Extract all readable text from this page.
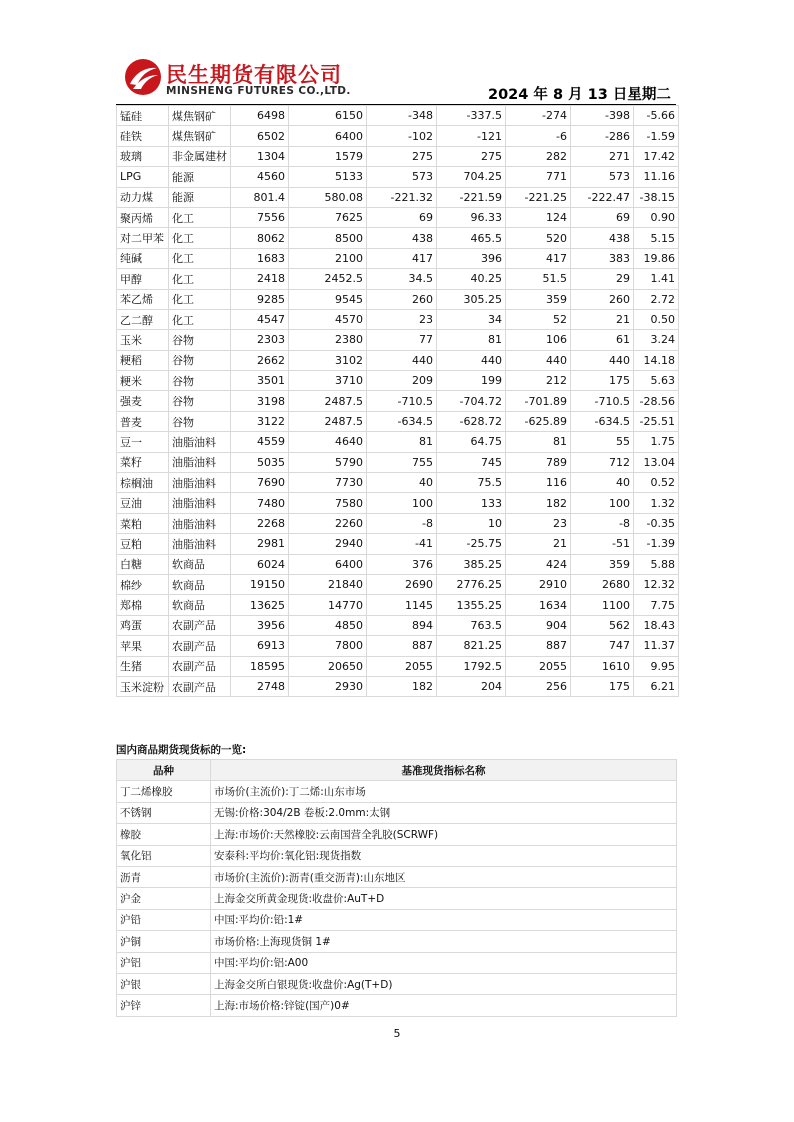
民生期货有限公司
MINSHENG FUTURES CO.,LTD.	2024 年 8 月 13 日星期二
锰硅	煤焦钢矿	6498	6150	-348	-337.5	-274	-398	-5.66
硅铁	煤焦钢矿	6502	6400	-102	-121	-6	-286	-1.59
玻璃	非金属建材	1304	1579	275	275	282	271	17.42
LPG	能源	4560	5133	573	704.25	771	573	11.16
动力煤	能源	801.4	580.08	-221.32	-221.59	-221.25	-222.47	-38.15
聚丙烯	化工	7556	7625	69	96.33	124	69	0.90
对二甲苯	化工	8062	8500	438	465.5	520	438	5.15
纯碱	化工	1683	2100	417	396	417	383	19.86
甲醇	化工	2418	2452.5	34.5	40.25	51.5	29	1.41
苯乙烯	化工	9285	9545	260	305.25	359	260	2.72
乙二醇	化工	4547	4570	23	34	52	21	0.50
玉米	谷物	2303	2380	77	81	106	61	3.24
粳稻	谷物	2662	3102	440	440	440	440	14.18
粳米	谷物	3501	3710	209	199	212	175	5.63
强麦	谷物	3198	2487.5	-710.5	-704.72	-701.89	-710.5	-28.56
普麦	谷物	3122	2487.5	-634.5	-628.72	-625.89	-634.5	-25.51
豆一	油脂油料	4559	4640	81	64.75	81	55	1.75
菜籽	油脂油料	5035	5790	755	745	789	712	13.04
棕榈油	油脂油料	7690	7730	40	75.5	116	40	0.52
豆油	油脂油料	7480	7580	100	133	182	100	1.32
菜粕	油脂油料	2268	2260	-8	10	23	-8	-0.35
豆粕	油脂油料	2981	2940	-41	-25.75	21	-51	-1.39
白糖	软商品	6024	6400	376	385.25	424	359	5.88
棉纱	软商品	19150	21840	2690	2776.25	2910	2680	12.32
郑棉	软商品	13625	14770	1145	1355.25	1634	1100	7.75
鸡蛋	农副产品	3956	4850	894	763.5	904	562	18.43
苹果	农副产品	6913	7800	887	821.25	887	747	11.37
生猪	农副产品	18595	20650	2055	1792.5	2055	1610	9.95
玉米淀粉	农副产品	2748	2930	182	204	256	175	6.21
国内商品期货现货标的一览:
品种	基准现货指标名称
丁二烯橡胶	市场价(主流价):丁二烯:山东市场
不锈钢	无锡:价格:304/2B 卷板:2.0mm:太钢
橡胶	上海:市场价:天然橡胶:云南国营全乳胶(SCRWF)
氧化铝	安泰科:平均价:氧化铝:现货指数
沥青	市场价(主流价):沥青(重交沥青):山东地区
沪金	上海金交所黄金现货:收盘价:AuT+D
沪铅	中国:平均价:铅:1#
沪铜	市场价格:上海现货铜 1#
沪铝	中国:平均价:铝:A00
沪银	上海金交所白银现货:收盘价:Ag(T+D)
沪锌	上海:市场价格:锌锭(国产)0#
5
